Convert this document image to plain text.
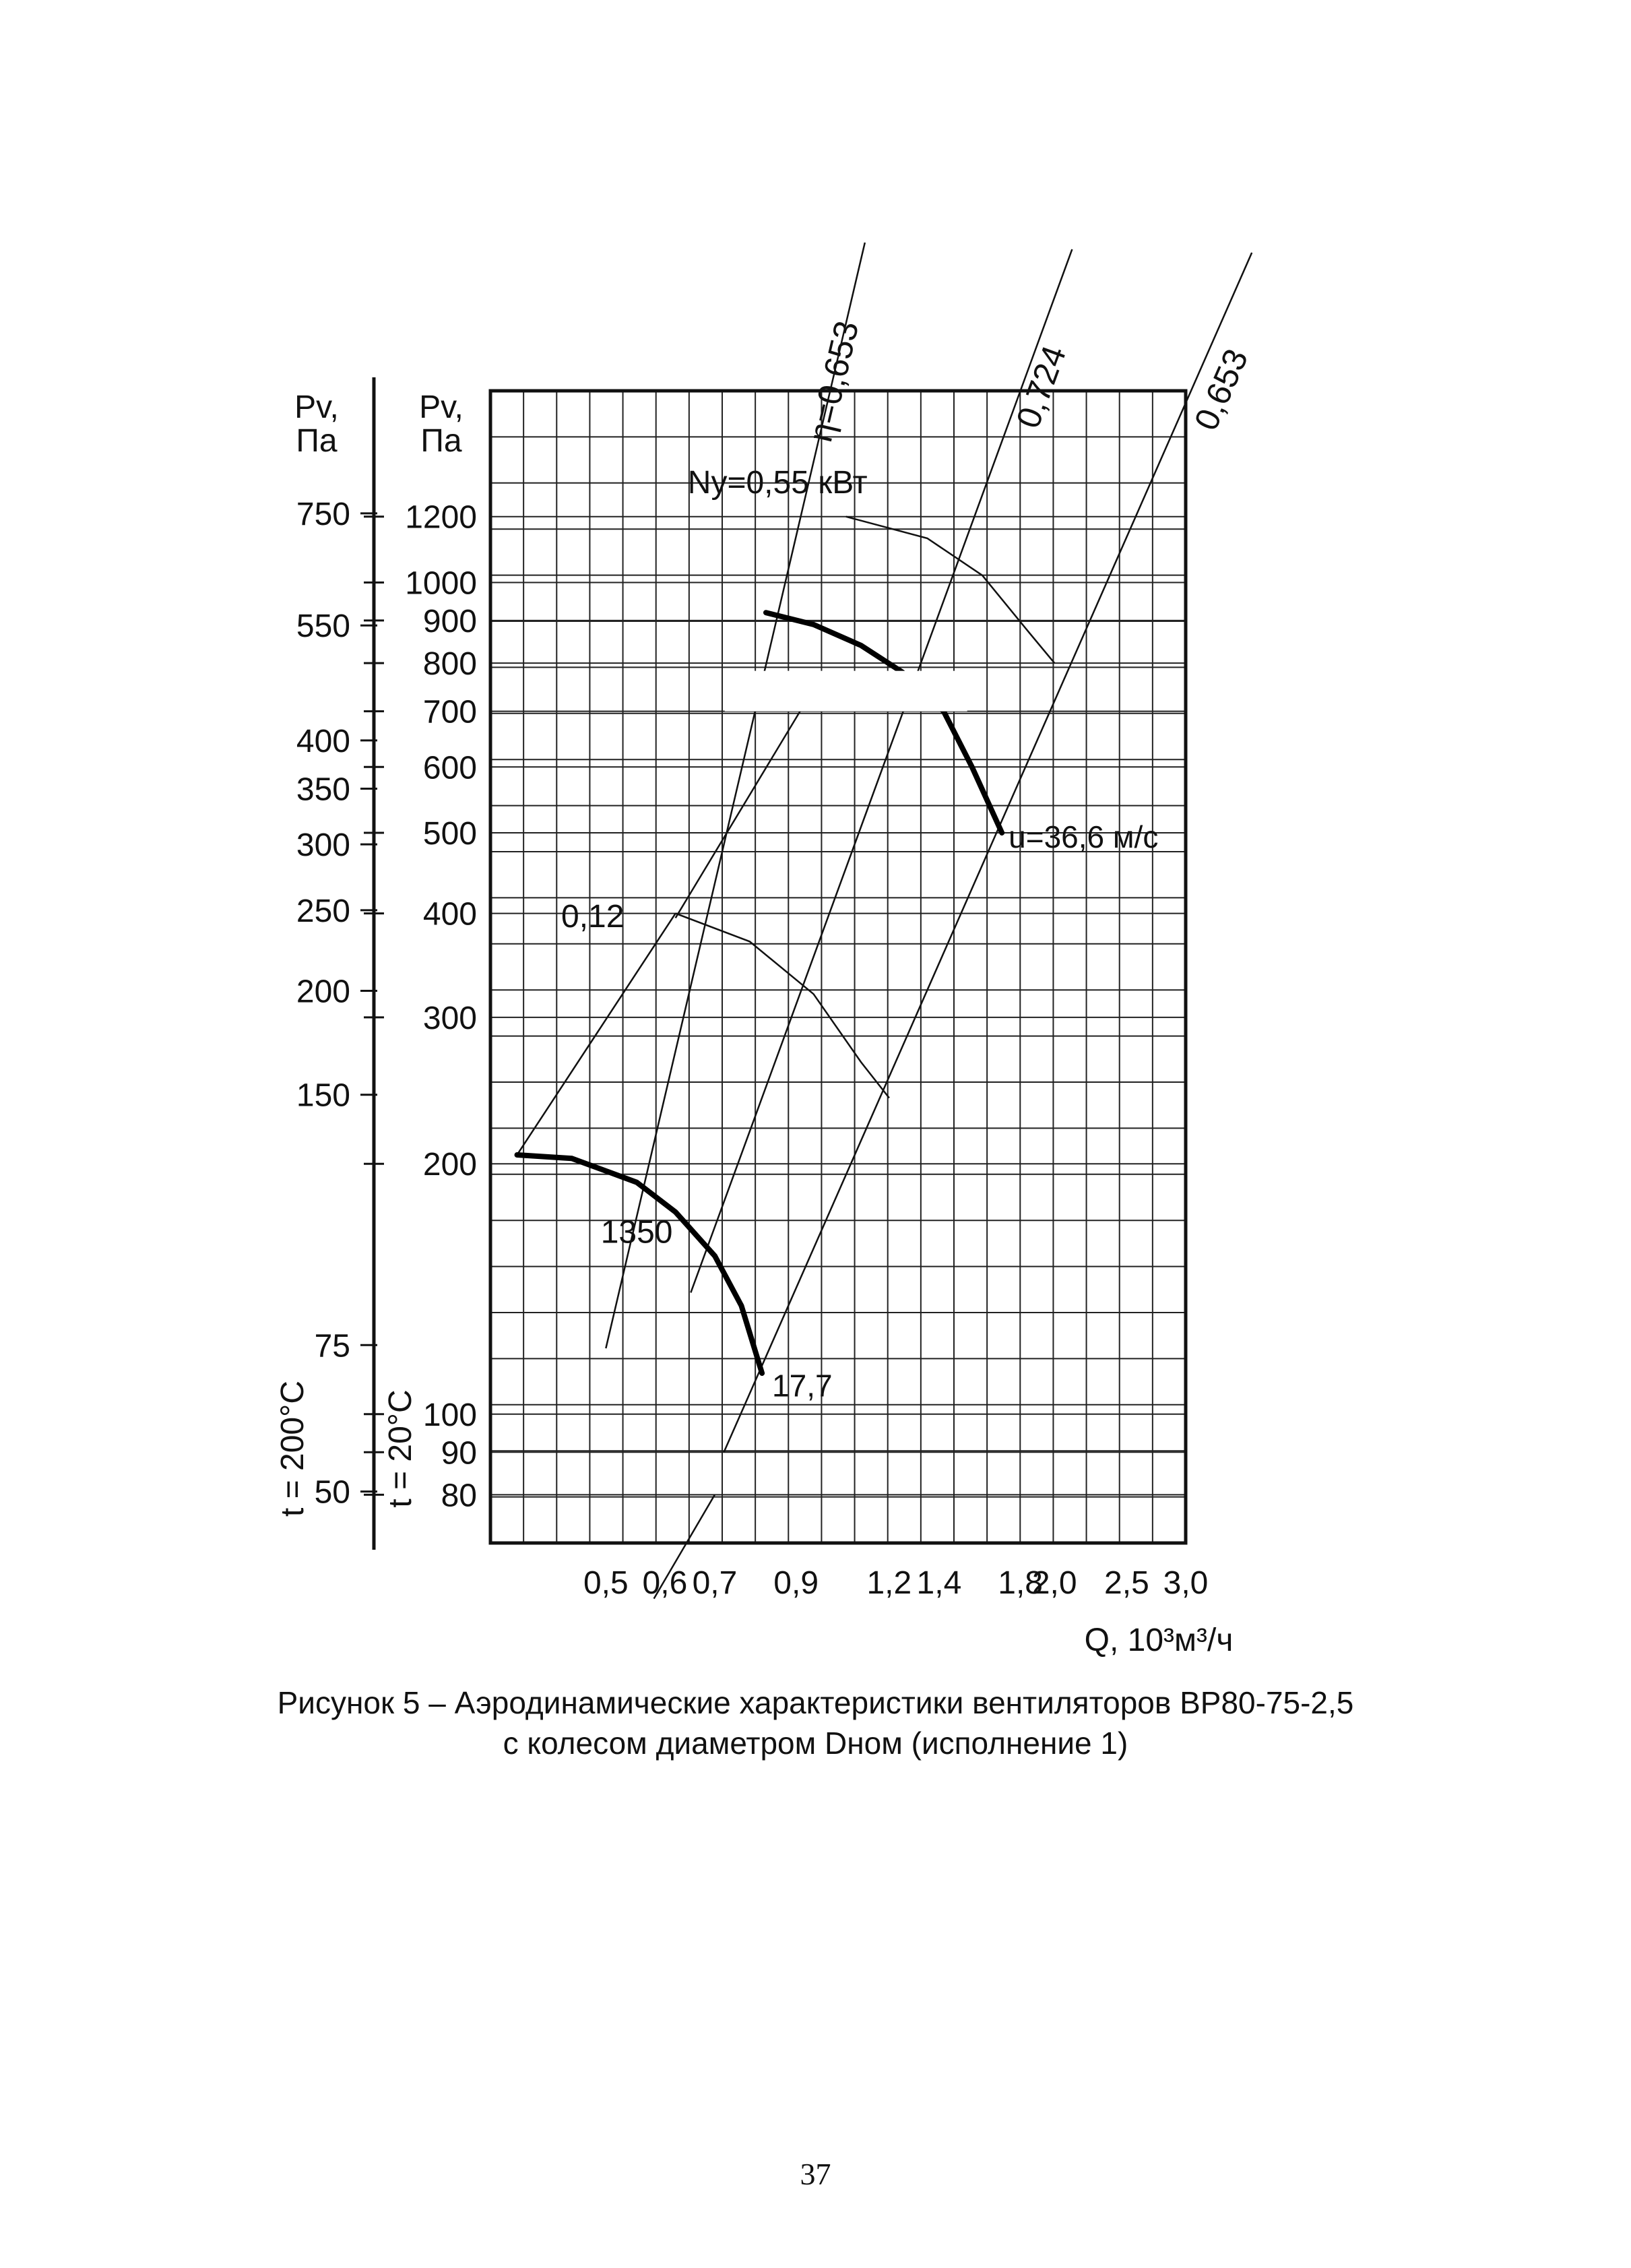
η=0,653	0,724	0,653
0,5 0,6 0,7 0,9 1,2 1,4 1,8
2,0 2,5 3,0
Q, 10³м³/ч
80
90
100
200
300
400
500
600
700
800
900
1000
1200
Pv,
Па
t = 20°C
50
75
150
200
250
300
350
400
550
750
Pv,
Па
t = 200°C
1350
Nу=0,55 кВт
0,12
u=36,6 м/с
17,7
Рисунок 5 – Аэродинамические характеристики вентиляторов ВР80-75-2,5
с колесом диаметром Dном (исполнение 1)
37
